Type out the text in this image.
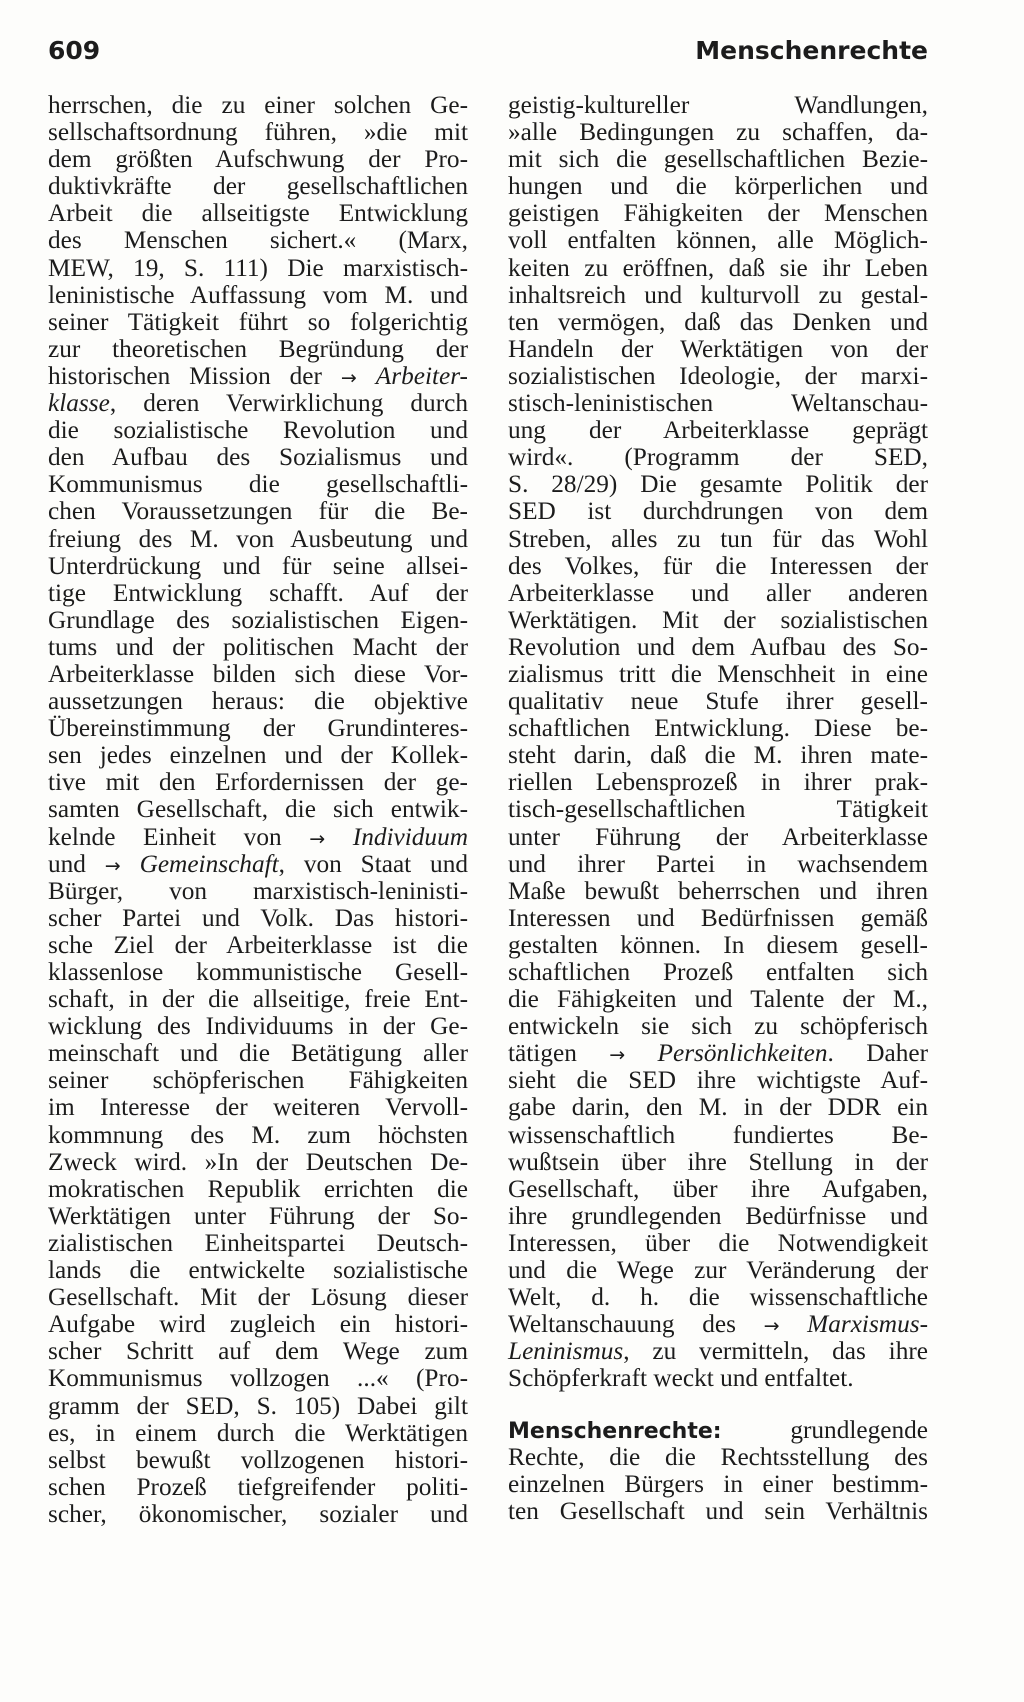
609	Menschenrechte
herrschen, die zu einer solchen Ge-
sellschaftsordnung führen, »die mit
dem größten Aufschwung der Pro-
duktivkräfte der gesellschaftlichen
Arbeit die allseitigste Entwicklung
des Menschen sichert.« (Marx,
MEW, 19, S. 111) Die marxistisch-
leninistische Auffassung vom M. und
seiner Tätigkeit führt so folgerichtig
zur theoretischen Begründung der
historischen Mission der → Arbeiter-
klasse, deren Verwirklichung durch
die sozialistische Revolution und
den Aufbau des Sozialismus und
Kommunismus die gesellschaftli-
chen Voraussetzungen für die Be-
freiung des M. von Ausbeutung und
Unterdrückung und für seine allsei-
tige Entwicklung schafft. Auf der
Grundlage des sozialistischen Eigen-
tums und der politischen Macht der
Arbeiterklasse bilden sich diese Vor-
aussetzungen heraus: die objektive
Übereinstimmung der Grundinteres-
sen jedes einzelnen und der Kollek-
tive mit den Erfordernissen der ge-
samten Gesellschaft, die sich entwik-
kelnde Einheit von → Individuum
und → Gemeinschaft, von Staat und
Bürger, von marxistisch-leninisti-
scher Partei und Volk. Das histori-
sche Ziel der Arbeiterklasse ist die
klassenlose kommunistische Gesell-
schaft, in der die allseitige, freie Ent-
wicklung des Individuums in der Ge-
meinschaft und die Betätigung aller
seiner schöpferischen Fähigkeiten
im Interesse der weiteren Vervoll-
kommnung des M. zum höchsten
Zweck wird. »In der Deutschen De-
mokratischen Republik errichten die
Werktätigen unter Führung der So-
zialistischen Einheitspartei Deutsch-
lands die entwickelte sozialistische
Gesellschaft. Mit der Lösung dieser
Aufgabe wird zugleich ein histori-
scher Schritt auf dem Wege zum
Kommunismus vollzogen ...« (Pro-
gramm der SED, S. 105) Dabei gilt
es, in einem durch die Werktätigen
selbst bewußt vollzogenen histori-
schen Prozeß tiefgreifender politi-
scher, ökonomischer, sozialer und
geistig-kultureller Wandlungen,
»alle Bedingungen zu schaffen, da-
mit sich die gesellschaftlichen Bezie-
hungen und die körperlichen und
geistigen Fähigkeiten der Menschen
voll entfalten können, alle Möglich-
keiten zu eröffnen, daß sie ihr Leben
inhaltsreich und kulturvoll zu gestal-
ten vermögen, daß das Denken und
Handeln der Werktätigen von der
sozialistischen Ideologie, der marxi-
stisch-leninistischen Weltanschau-
ung der Arbeiterklasse geprägt
wird«. (Programm der SED,
S. 28/29) Die gesamte Politik der
SED ist durchdrungen von dem
Streben, alles zu tun für das Wohl
des Volkes, für die Interessen der
Arbeiterklasse und aller anderen
Werktätigen. Mit der sozialistischen
Revolution und dem Aufbau des So-
zialismus tritt die Menschheit in eine
qualitativ neue Stufe ihrer gesell-
schaftlichen Entwicklung. Diese be-
steht darin, daß die M. ihren mate-
riellen Lebensprozeß in ihrer prak-
tisch-gesellschaftlichen Tätigkeit
unter Führung der Arbeiterklasse
und ihrer Partei in wachsendem
Maße bewußt beherrschen und ihren
Interessen und Bedürfnissen gemäß
gestalten können. In diesem gesell-
schaftlichen Prozeß entfalten sich
die Fähigkeiten und Talente der M.,
entwickeln sie sich zu schöpferisch
tätigen → Persönlichkeiten. Daher
sieht die SED ihre wichtigste Auf-
gabe darin, den M. in der DDR ein
wissenschaftlich fundiertes Be-
wußtsein über ihre Stellung in der
Gesellschaft, über ihre Aufgaben,
ihre grundlegenden Bedürfnisse und
Interessen, über die Notwendigkeit
und die Wege zur Veränderung der
Welt, d. h. die wissenschaftliche
Weltanschauung des → Marxismus-
Leninismus, zu vermitteln, das ihre
Schöpferkraft weckt und entfaltet.
Menschenrechte: grundlegende
Rechte, die die Rechtsstellung des
einzelnen Bürgers in einer bestimm-
ten Gesellschaft und sein Verhältnis
